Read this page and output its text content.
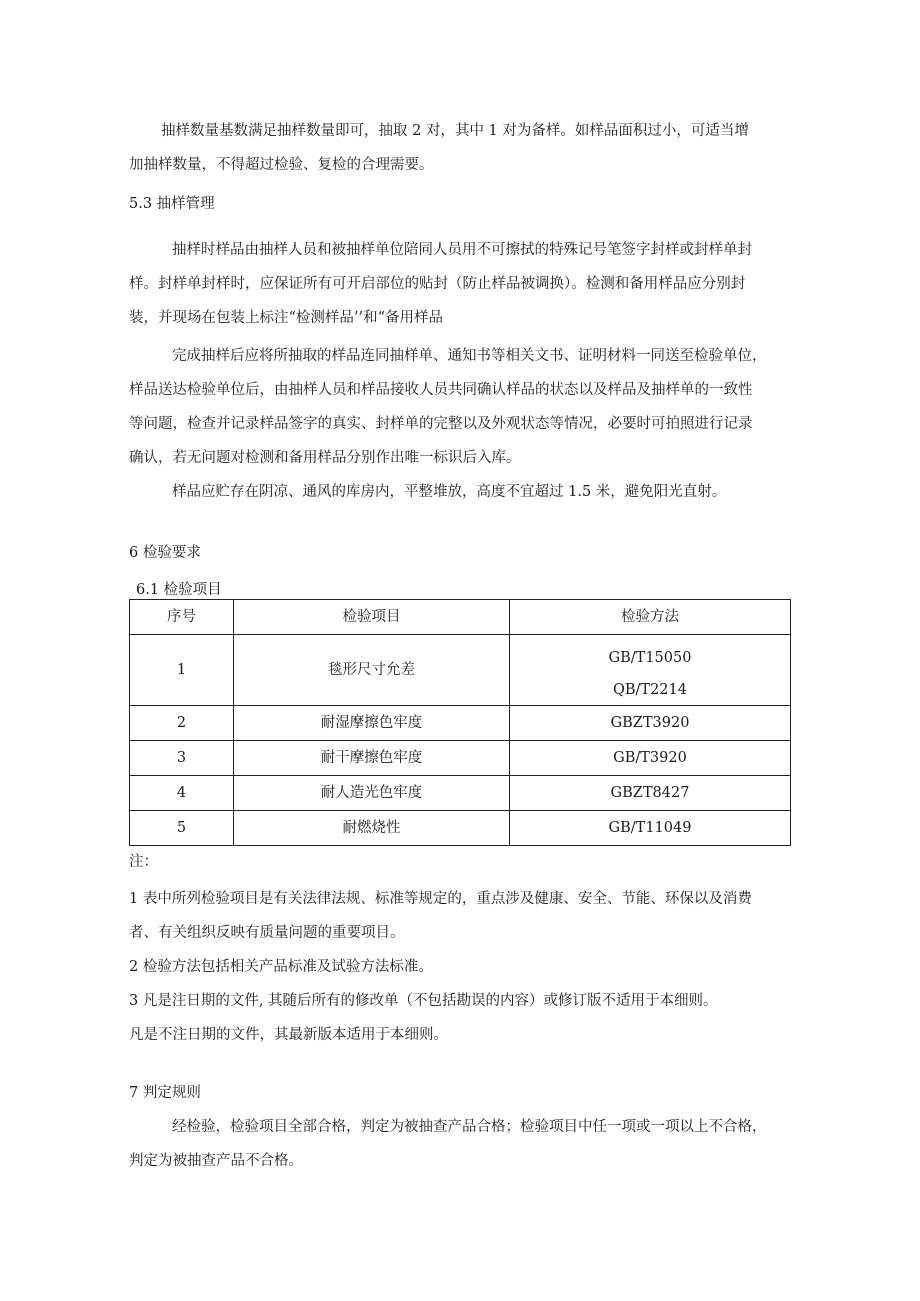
抽样数量基数满足抽样数量即可，抽取 2 对，其中 1 对为备样。如样品面积过小，可适当增
加抽样数量，不得超过检验、复检的合理需要。
5.3 抽样管理
抽样时样品由抽样人员和被抽样单位陪同人员用不可擦拭的特殊记号笔签字封样或封样单封
样。封样单封样时，应保证所有可开启部位的贴封（防止样品被调换）。检测和备用样品应分别封
装，并现场在包装上标注“检测样品’’和“备用样品
完成抽样后应将所抽取的样品连同抽样单、通知书等相关文书、证明材料一同送至检验单位，
样品送达检验单位后，由抽样人员和样品接收人员共同确认样品的状态以及样品及抽样单的一致性
等问题，检查并记录样品签字的真实、封样单的完整以及外观状态等情况，必要时可拍照进行记录
确认，若无问题对检测和备用样品分别作出唯一标识后入库。
样品应贮存在阴凉、通风的库房内，平整堆放，高度不宜超过 1.5 米，避免阳光直射。
6 检验要求
6.1 检验项目
序号	检验项目	检验方法
1	毯形尺寸允差	GB/T15050
QB/T2214

2	耐湿摩擦色牢度	GBZT3920
3	耐干摩擦色牢度	GB/T3920
4	耐人造光色牢度	GBZT8427
5	耐燃烧性	GB/T11049
注：
1 表中所列检验项目是有关法律法规、标准等规定的，重点涉及健康、安全、节能、环保以及消费
者、有关组织反映有质量问题的重要项目。
2 检验方法包括相关产品标准及试验方法标准。
3 凡是注日期的文件, 其随后所有的修改单（不包括勘误的内容）或修订版不适用于本细则。
凡是不注日期的文件，其最新版本适用于本细则。
7 判定规则
经检验，检验项目全部合格，判定为被抽查产品合格；检验项目中任一项或一项以上不合格，
判定为被抽查产品不合格。
